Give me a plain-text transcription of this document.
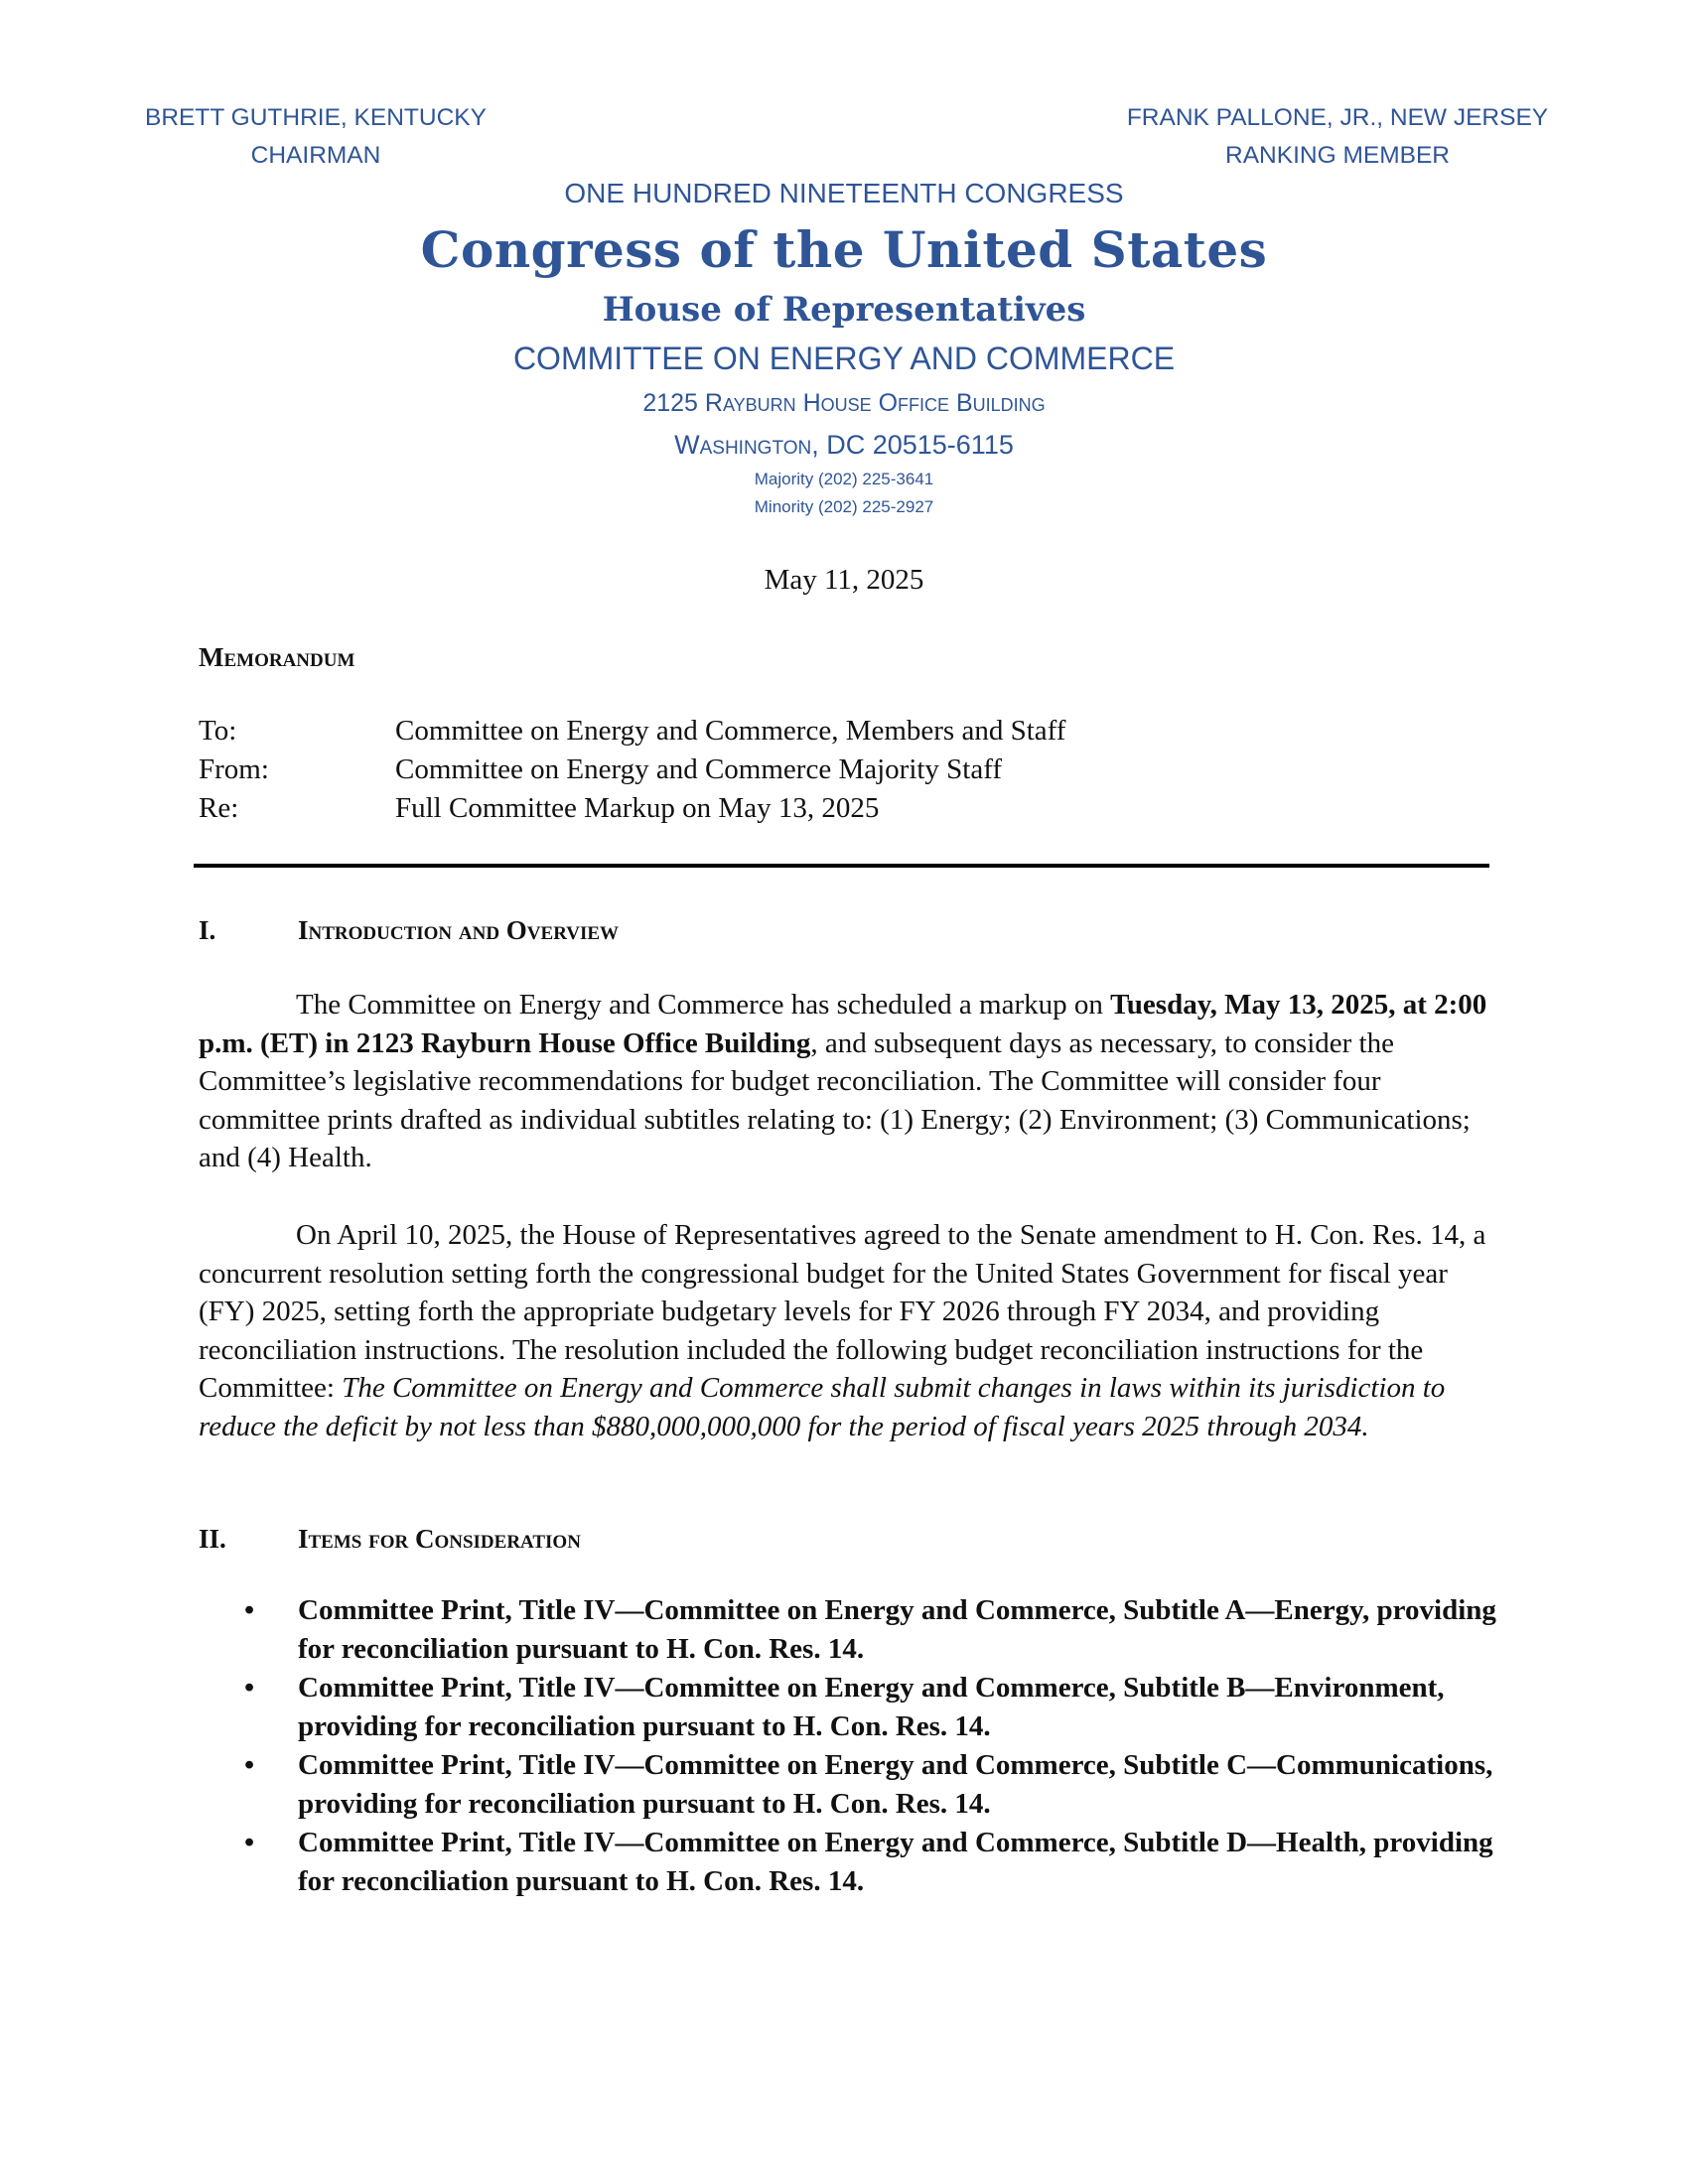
BRETT GUTHRIE, KENTUCKY
CHAIRMAN
FRANK PALLONE, JR., NEW JERSEY
RANKING MEMBER
ONE HUNDRED NINETEENTH CONGRESS
Congress of the United States
House of Representatives
COMMITTEE ON ENERGY AND COMMERCE
2125 Rayburn House Office Building
Washington, DC 20515-6115
Majority (202) 225-3641
Minority (202) 225-2927
May 11, 2025
Memorandum
To:	Committee on Energy and Commerce, Members and Staff
From:	Committee on Energy and Commerce Majority Staff
Re:	Full Committee Markup on May 13, 2025
I.	Introduction and Overview
The Committee on Energy and Commerce has scheduled a markup on Tuesday, May 13, 2025, at 2:00 p.m. (ET) in 2123 Rayburn House Office Building, and subsequent days as necessary, to consider the Committee’s legislative recommendations for budget reconciliation. The Committee will consider four committee prints drafted as individual subtitles relating to: (1) Energy; (2) Environment; (3) Communications; and (4) Health.
On April 10, 2025, the House of Representatives agreed to the Senate amendment to H. Con. Res. 14, a concurrent resolution setting forth the congressional budget for the United States Government for fiscal year (FY) 2025, setting forth the appropriate budgetary levels for FY 2026 through FY 2034, and providing reconciliation instructions. The resolution included the following budget reconciliation instructions for the Committee: The Committee on Energy and Commerce shall submit changes in laws within its jurisdiction to reduce the deficit by not less than $880,000,000,000 for the period of fiscal years 2025 through 2034.
II.	Items for Consideration
•	Committee Print, Title IV—Committee on Energy and Commerce, Subtitle A—Energy, providing for reconciliation pursuant to H. Con. Res. 14.
•	Committee Print, Title IV—Committee on Energy and Commerce, Subtitle B—Environment, providing for reconciliation pursuant to H. Con. Res. 14.
•	Committee Print, Title IV—Committee on Energy and Commerce, Subtitle C—Communications, providing for reconciliation pursuant to H. Con. Res. 14.
•	Committee Print, Title IV—Committee on Energy and Commerce, Subtitle D—Health, providing for reconciliation pursuant to H. Con. Res. 14.
